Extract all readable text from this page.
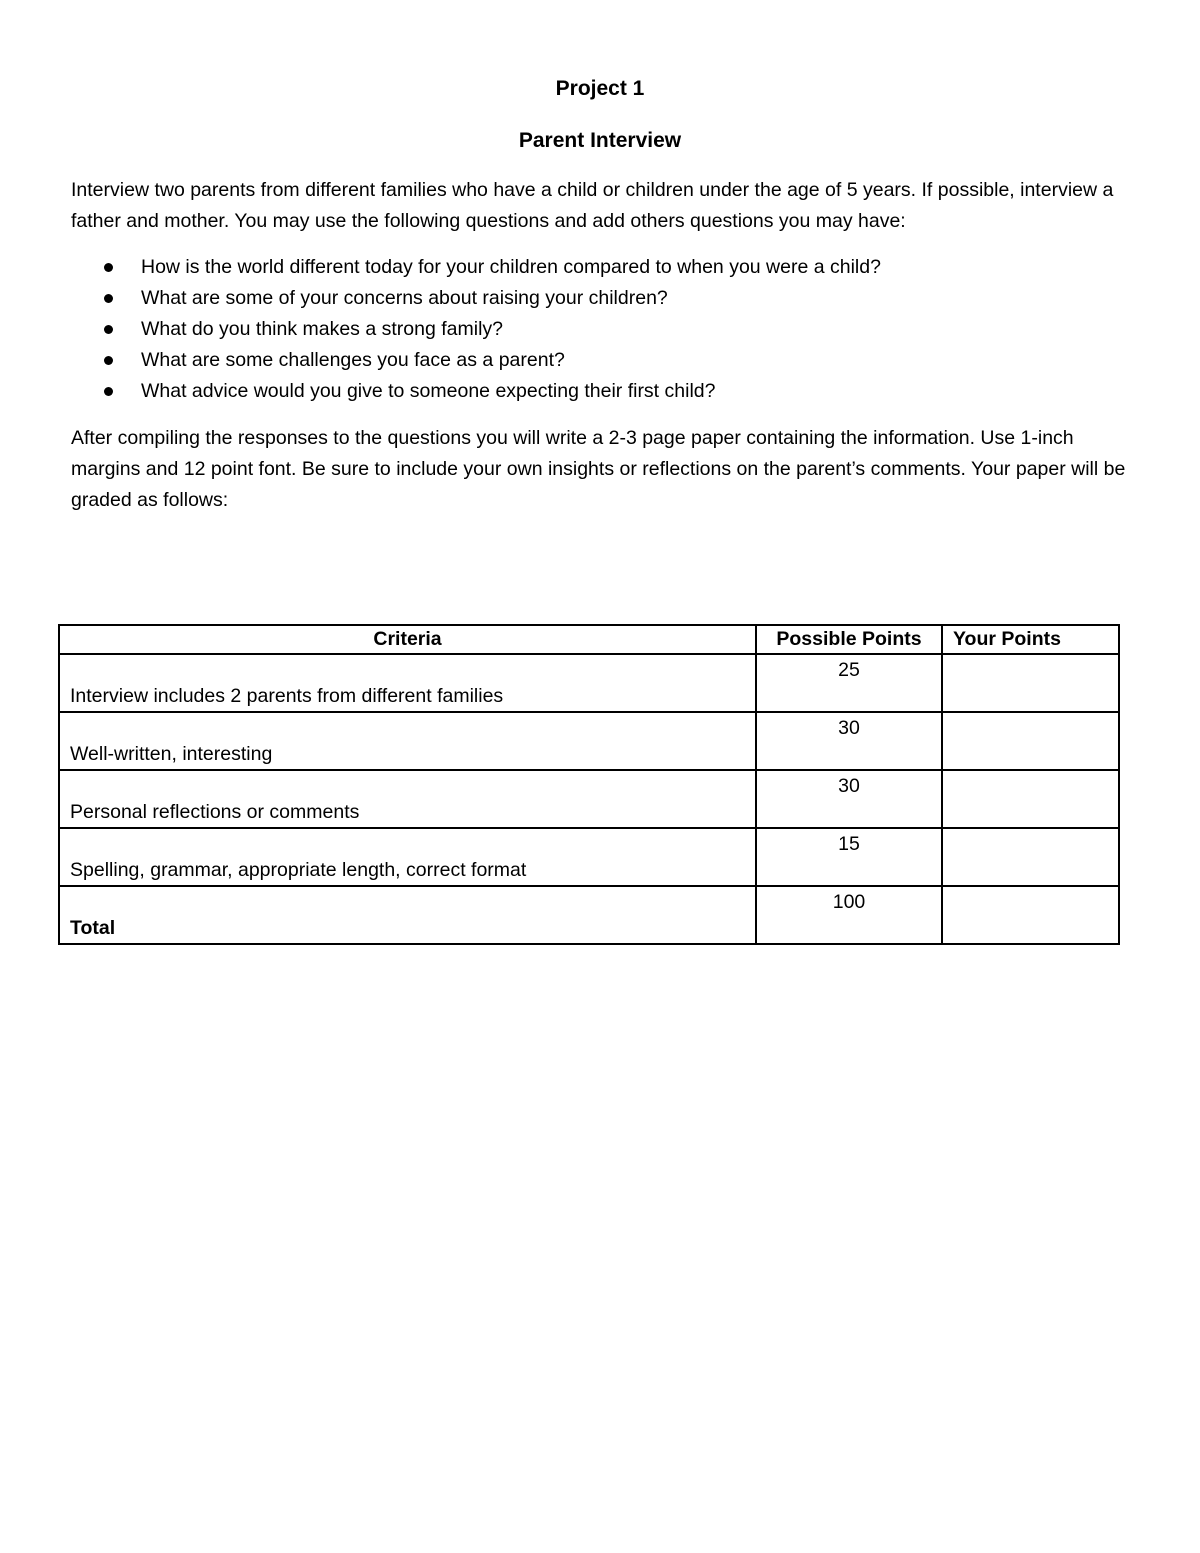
Project 1
Parent Interview

Interview two parents from different families who have a child or children under the age of 5 years. If possible, interview a father and mother. You may use the following questions and add others questions you may have:

How is the world different today for your children compared to when you were a child?
What are some of your concerns about raising your children?
What do you think makes a strong family?
What are some challenges you face as a parent?
What advice would you give to someone expecting their first child?

After compiling the responses to the questions you will write a 2-3 page paper containing the information. Use 1-inch margins and 12 point font. Be sure to include your own insights or reflections on the parent’s comments. Your paper will be graded as follows:

Criteria	Possible Points	Your Points

Interview includes 2 parents from different families	25	

Well-written, interesting	30	

Personal reflections or comments	30	

Spelling, grammar, appropriate length, correct format	15	

Total	100	
